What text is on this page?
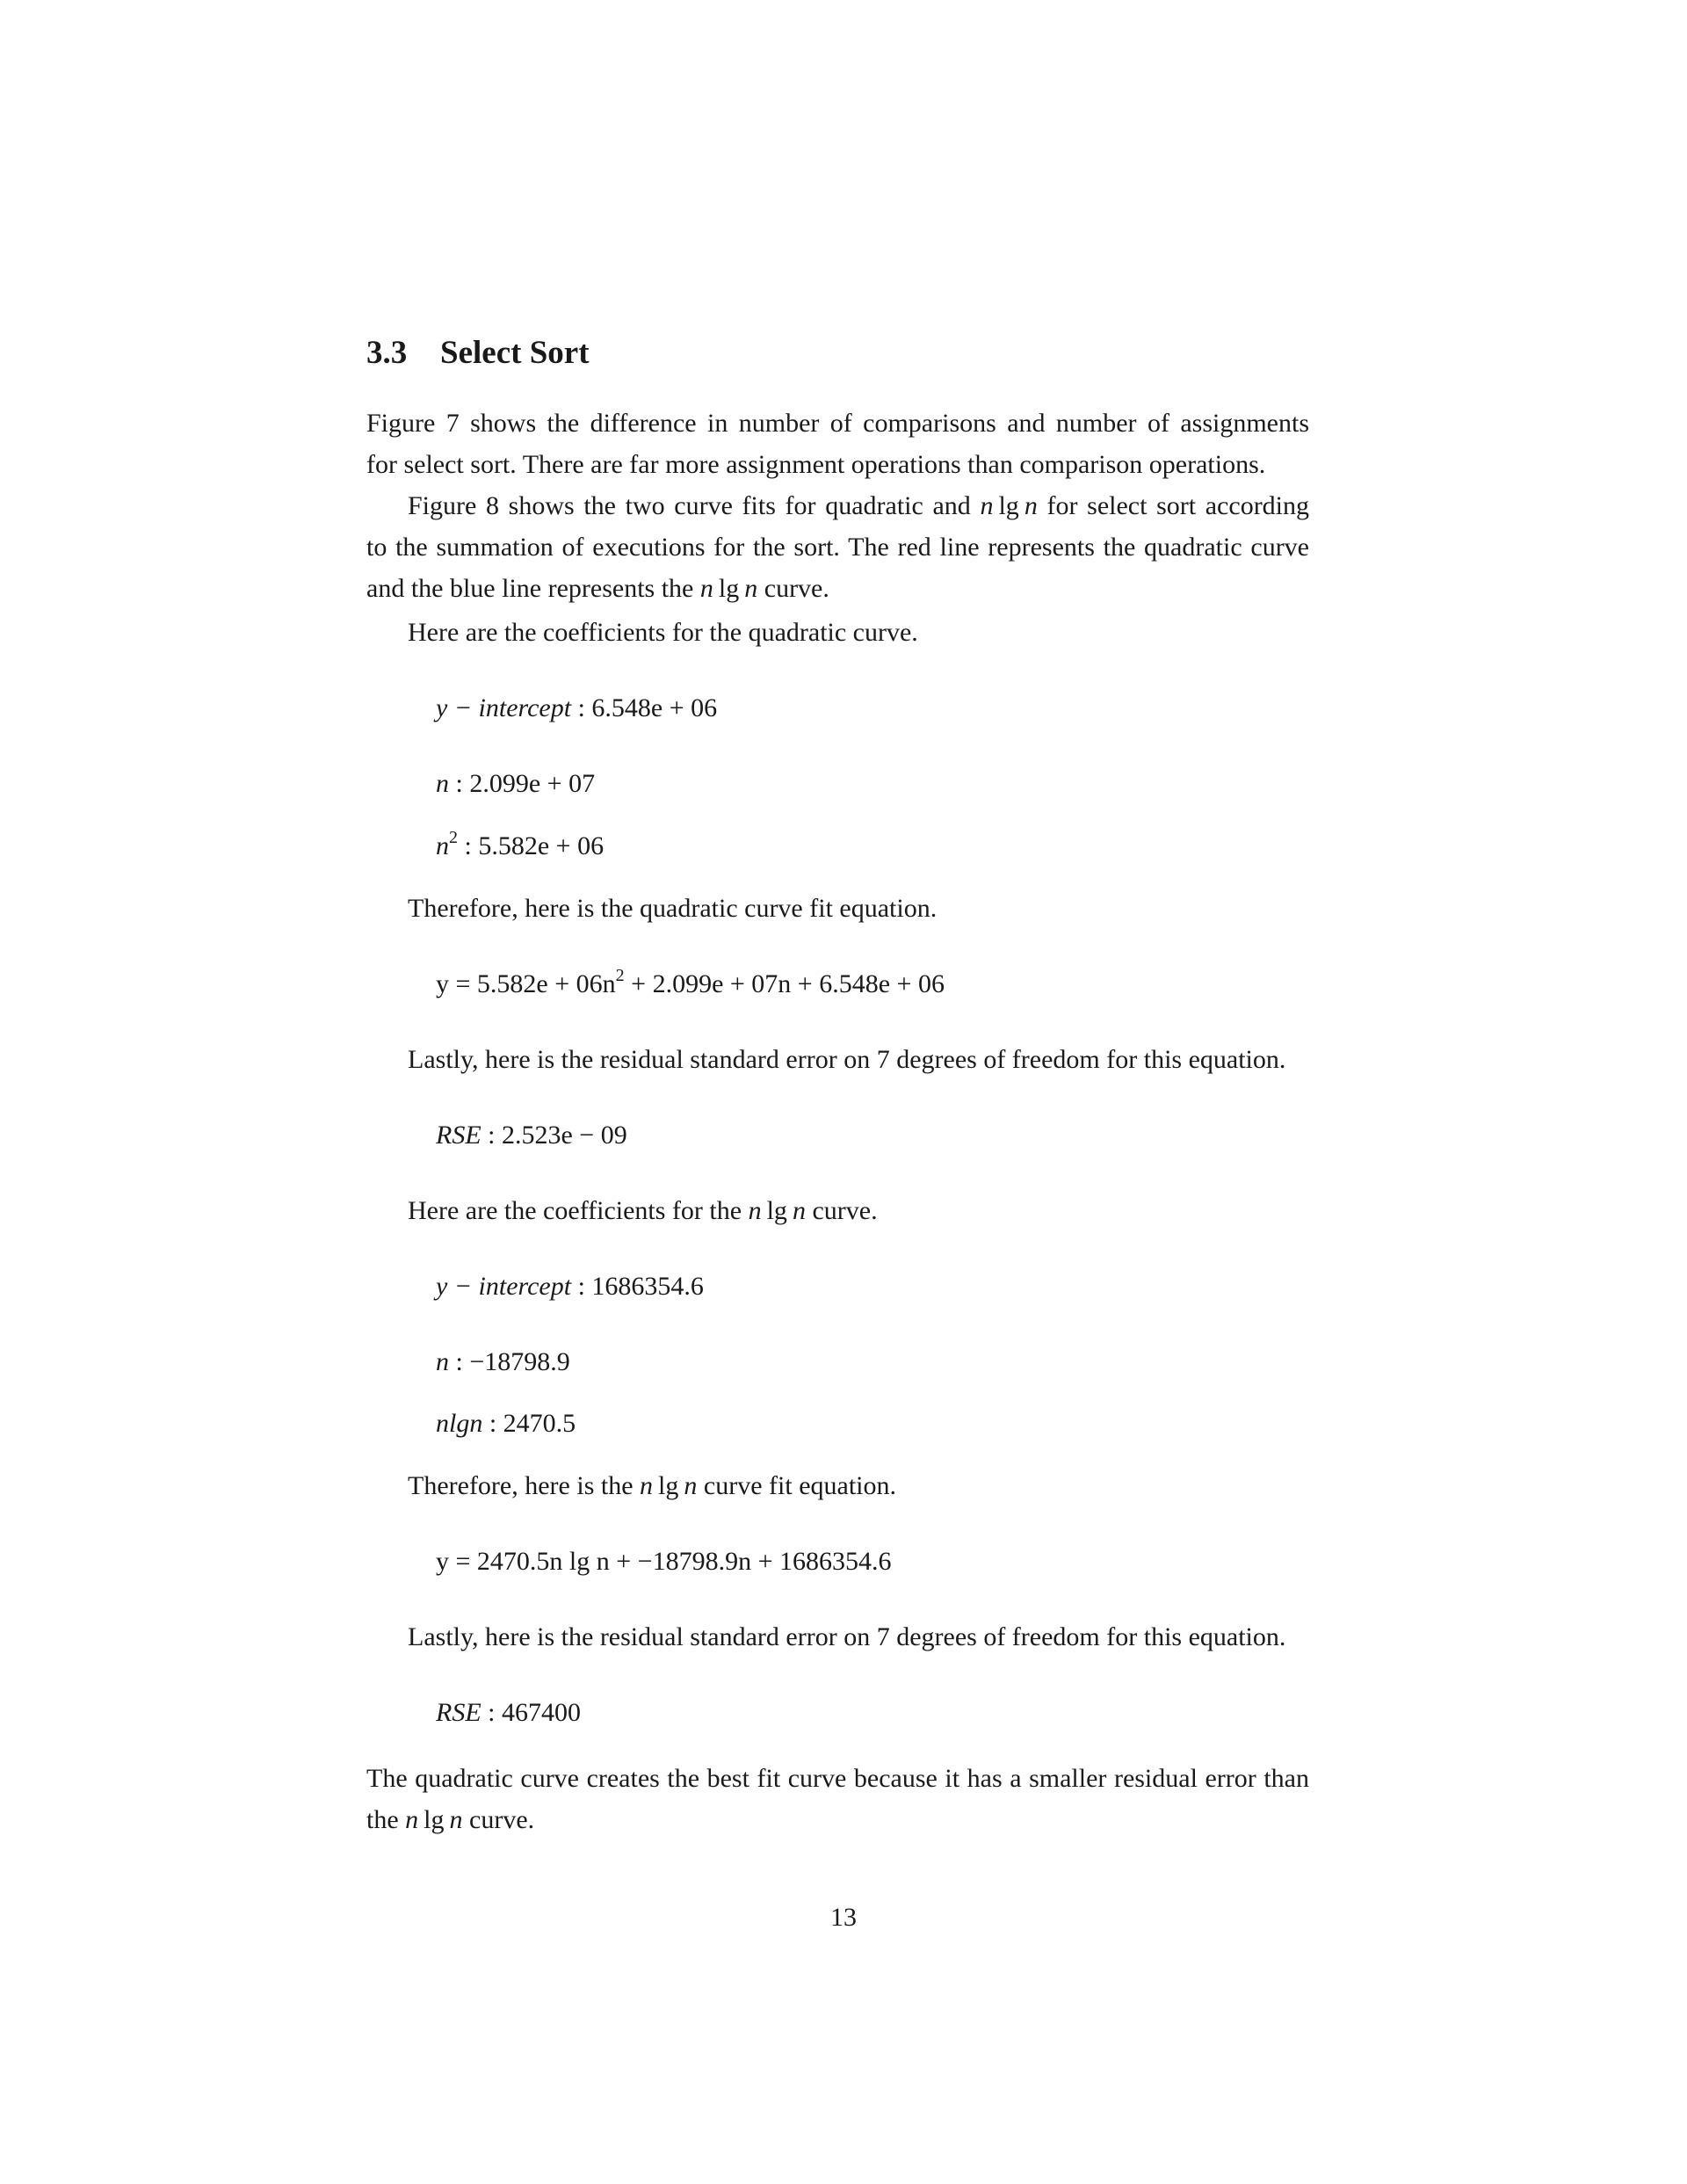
3.3 Select Sort
Figure 7 shows the difference in number of comparisons and number of assignments
for select sort. There are far more assignment operations than comparison operations.
Figure 8 shows the two curve fits for quadratic and n  lg  n for select sort according
to the summation of executions for the sort. The red line represents the quadratic curve
and the blue line represents the n  lg  n curve.
Here are the coefficients for the quadratic curve.
y − intercept : 6.548e + 06
n : 2.099e + 07
$n^2$ : 5.582e + 06
Therefore, here is the quadratic curve fit equation.
$y = 5.582e + 06n^2 + 2.099e + 07n + 6.548e + 06$
Lastly, here is the residual standard error on 7 degrees of freedom for this equation.
RSE : 2.523e − 09
Here are the coefficients for the n  lg  n curve.
y − intercept : 1686354.6
n : −18798.9
nlgn : 2470.5
Therefore, here is the n  lg  n curve fit equation.
y = 2470.5n lg n + −18798.9n + 1686354.6
Lastly, here is the residual standard error on 7 degrees of freedom for this equation.
RSE : 467400
The quadratic curve creates the best fit curve because it has a smaller residual error than
the n  lg  n curve.
13
